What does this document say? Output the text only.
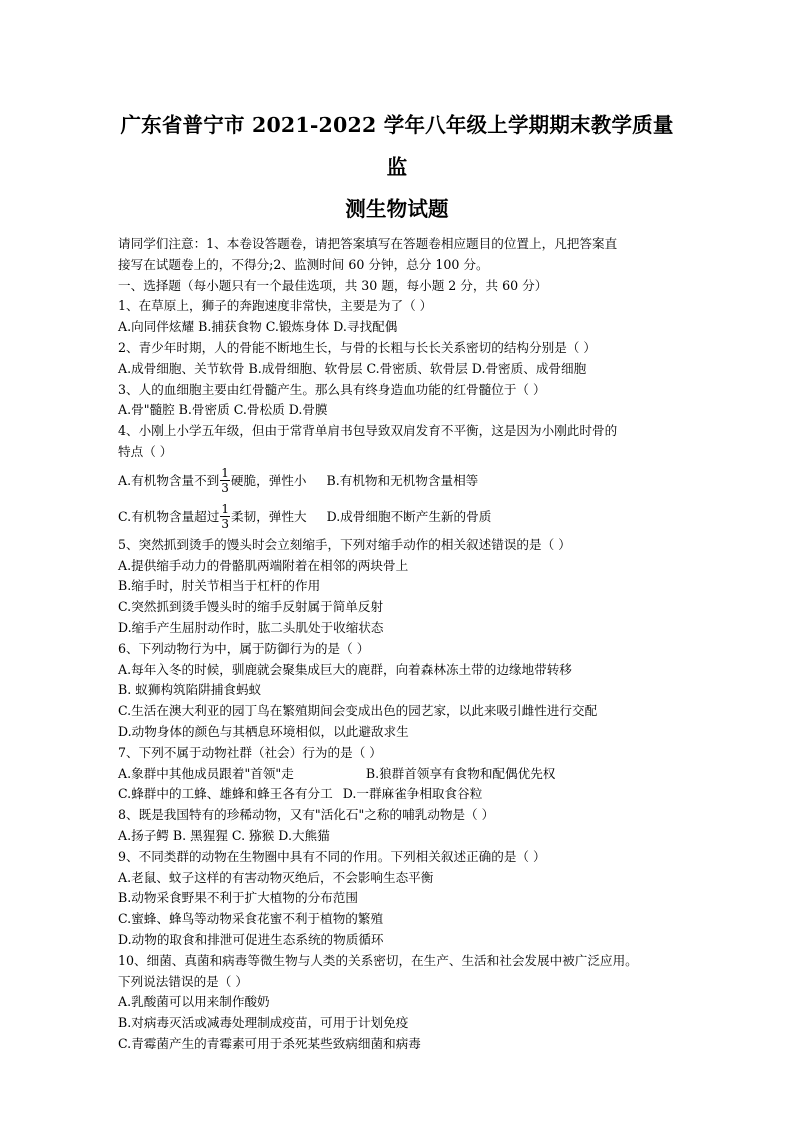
广东省普宁市 2021-2022 学年八年级上学期期末教学质量监
测生物试题
请同学们注意：1、本卷设答题卷，请把答案填写在答题卷相应题目的位置上，凡把答案直
接写在试题卷上的，不得分;2、监测时间 60 分钟，总分 100 分。
一、选择题（每小题只有一个最佳选项，共 30 题，每小题 2 分，共 60 分）
1、在草原上，狮子的奔跑速度非常快，主要是为了（ ）
A.向同伴炫耀 B.捕获食物 C.锻炼身体 D.寻找配偶
2、青少年时期，人的骨能不断地生长，与骨的长粗与长长关系密切的结构分别是（ ）
A.成骨细胞、关节软骨 B.成骨细胞、软骨层 C.骨密质、软骨层 D.骨密质、成骨细胞
3、人的血细胞主要由红骨髓产生。那么具有终身造血功能的红骨髓位于（ ）
A.骨"髓腔 B.骨密质 C.骨松质 D.骨膜
4、小刚上小学五年级，但由于常背单肩书包导致双肩发育不平衡，这是因为小刚此时骨的
特点（ ）
A.有机物含量不到 $\frac{1}{3}$ 硬脆，弹性小 B.有机物和无机物含量相等
C.有机物含量超过 $\frac{1}{3}$ 柔韧，弹性大 D.成骨细胞不断产生新的骨质
5、突然抓到烫手的馒头时会立刻缩手，下列对缩手动作的相关叙述错误的是（ ）
A.提供缩手动力的骨骼肌两端附着在相邻的两块骨上
B.缩手时，肘关节相当于杠杆的作用
C.突然抓到烫手馒头时的缩手反射属于简单反射
D.缩手产生屈肘动作时，肱二头肌处于收缩状态
6、下列动物行为中，属于防御行为的是（ ）
A.每年入冬的时候，驯鹿就会聚集成巨大的鹿群，向着森林冻土带的边缘地带转移
B. 蚁狮构筑陷阱捕食蚂蚁
C.生活在澳大利亚的园丁鸟在繁殖期间会变成出色的园艺家，以此来吸引雌性进行交配
D.动物身体的颜色与其栖息环境相似，以此避敌求生
7、下列不属于动物社群（社会）行为的是（ ）
A.象群中其他成员跟着"首领"走	B.狼群首领享有食物和配偶优先权
C.蜂群中的工蜂、雄蜂和蜂王各有分工 D.一群麻雀争相取食谷粒
8、既是我国特有的珍稀动物，又有"活化石"之称的哺乳动物是（ ）
A.扬子鳄 B. 黑猩猩 C. 猕猴 D.大熊猫
9、不同类群的动物在生物圈中具有不同的作用。下列相关叙述正确的是（ ）
A.老鼠、蚊子这样的有害动物灭绝后，不会影响生态平衡
B.动物采食野果不利于扩大植物的分布范围
C.蜜蜂、蜂鸟等动物采食花蜜不利于植物的繁殖
D.动物的取食和排泄可促进生态系统的物质循环
10、细菌、真菌和病毒等微生物与人类的关系密切，在生产、生活和社会发展中被广泛应用。
下列说法错误的是（ ）
A.乳酸菌可以用来制作酸奶
B.对病毒灭活或减毒处理制成疫苗，可用于计划免疫
C.青霉菌产生的青霉素可用于杀死某些致病细菌和病毒
